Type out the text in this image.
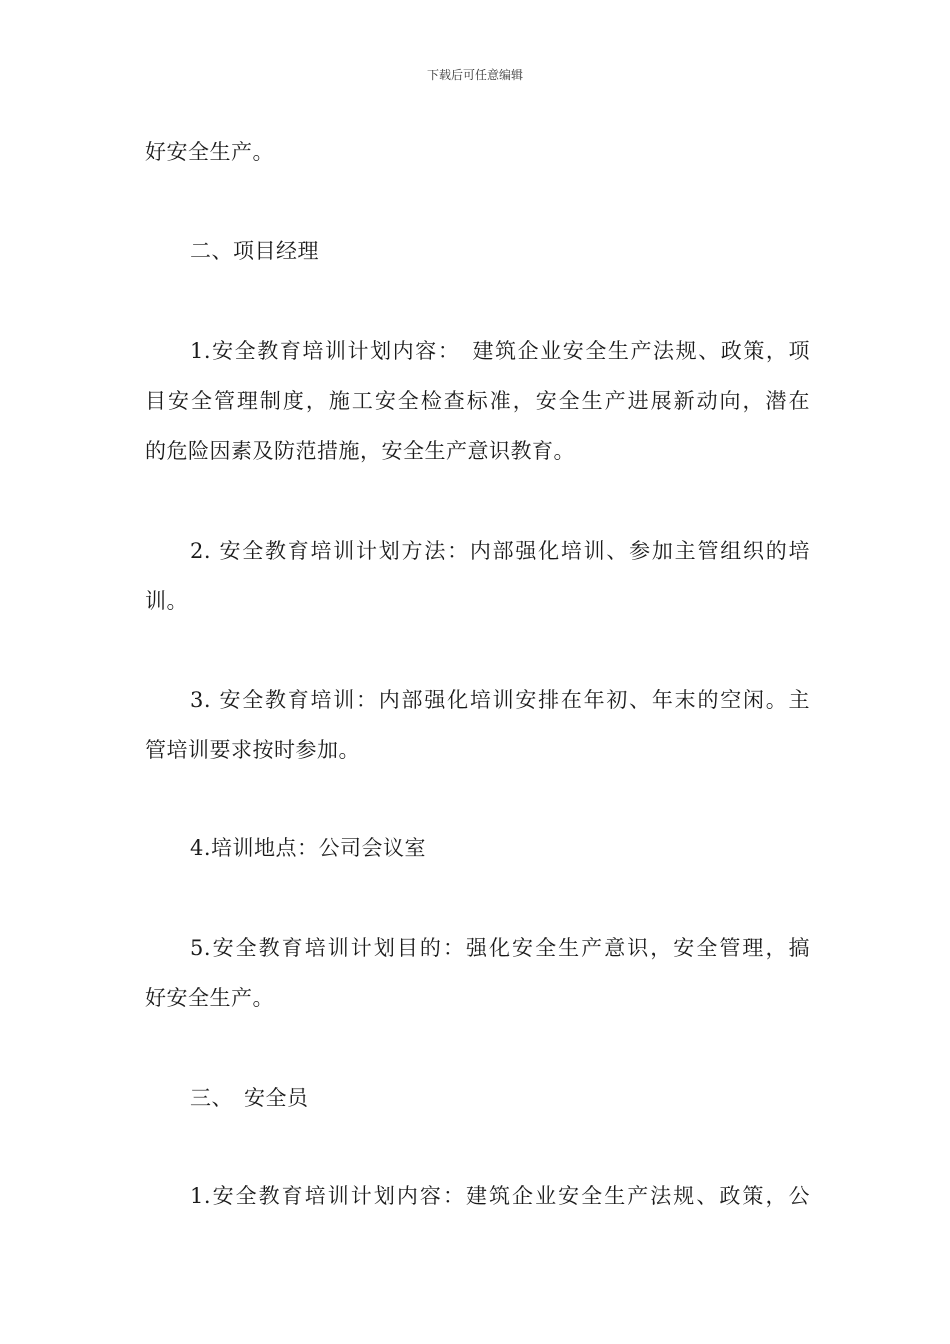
下载后可任意编辑
好安全生产。
二、项目经理
1.安全教育培训计划内容：　建筑企业安全生产法规、政策，项
目安全管理制度，施工安全检查标准，安全生产进展新动向，潜在
的危险因素及防范措施，安全生产意识教育。
2. 安全教育培训计划方法：内部强化培训、参加主管组织的培
训。
3. 安全教育培训：内部强化培训安排在年初、年末的空闲。主
管培训要求按时参加。
4.培训地点：公司会议室
5.安全教育培训计划目的：强化安全生产意识，安全管理，搞
好安全生产。
三、　安全员
1.安全教育培训计划内容：建筑企业安全生产法规、政策，公
